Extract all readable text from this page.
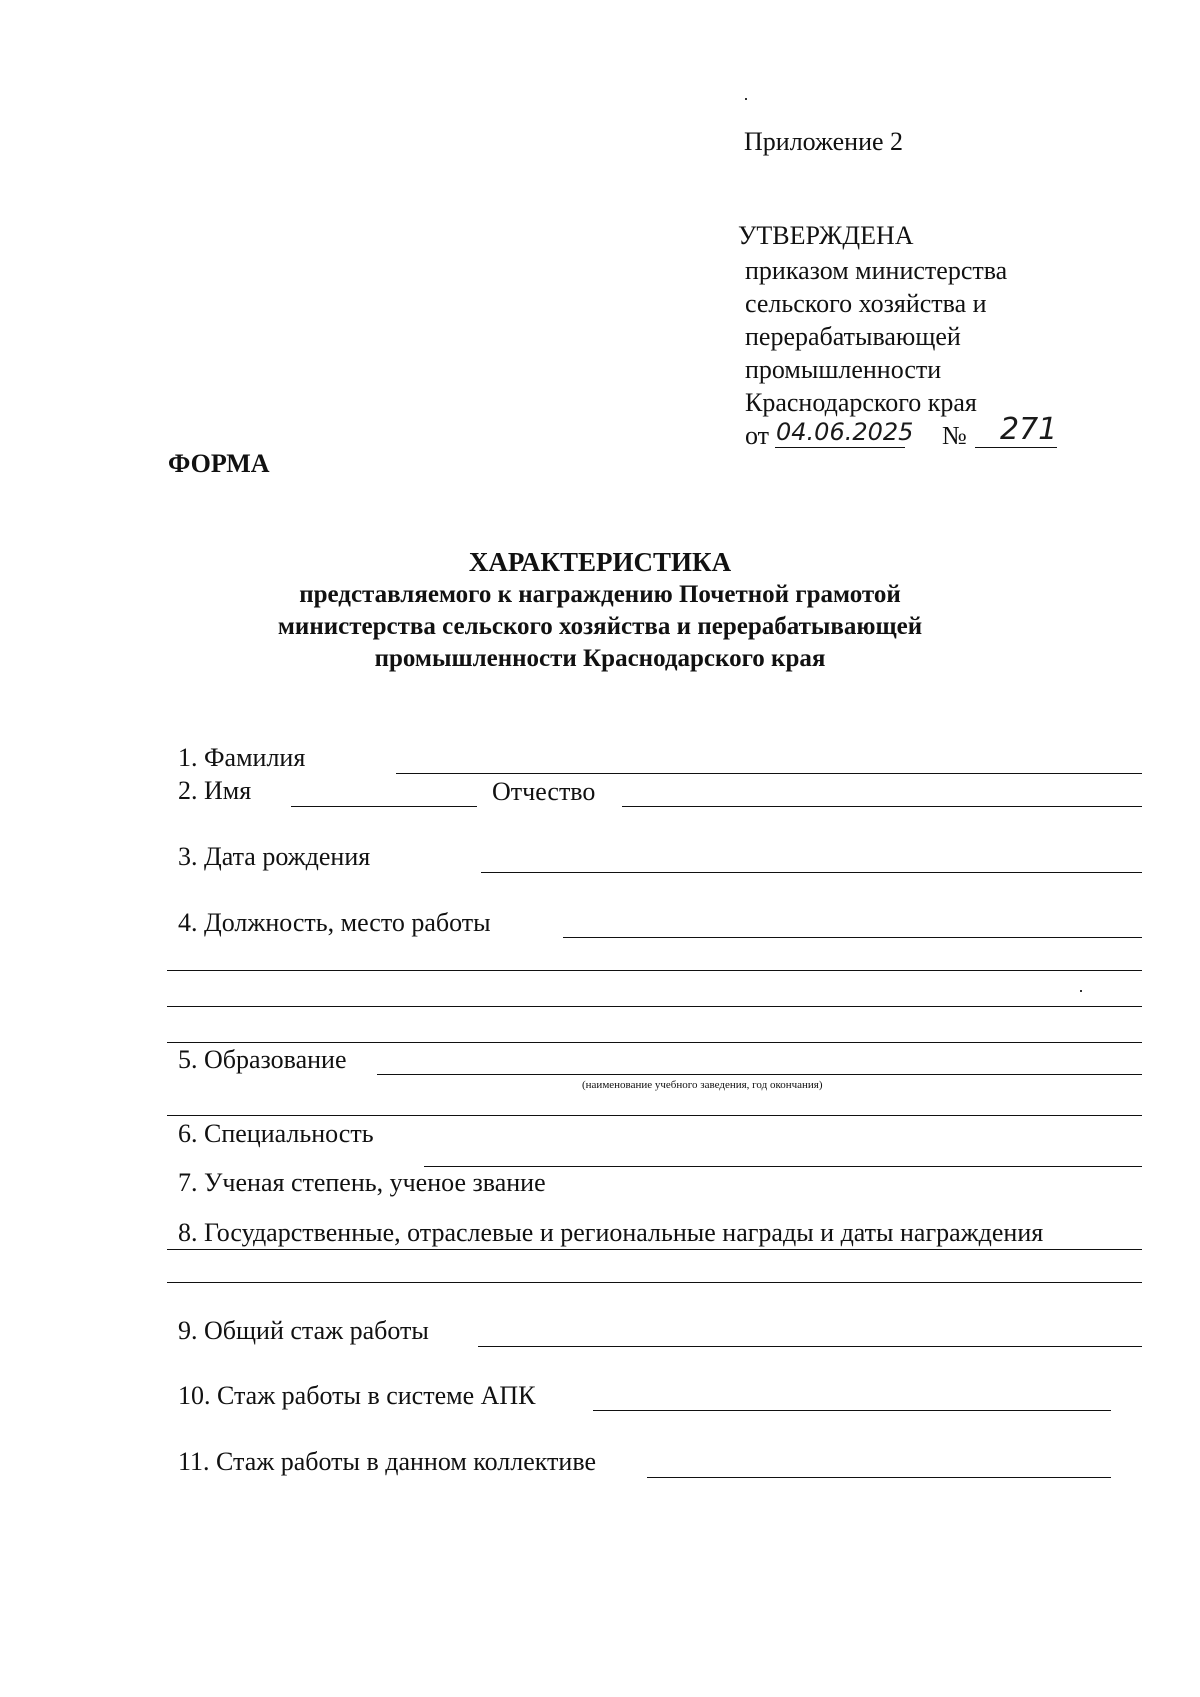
Приложение 2
УТВЕРЖДЕНА
приказом министерства
сельского хозяйства и
перерабатывающей
промышленности
Краснодарского края
от 04.06.2025 № 271
ФОРМА
ХАРАКТЕРИСТИКА
представляемого к награждению Почетной грамотой
министерства сельского хозяйства и перерабатывающей
промышленности Краснодарского края
1. Фамилия
2. Имя	Отчество
3. Дата рождения
4. Должность, место работы
5. Образование
(наименование учебного заведения, год окончания)
6. Специальность
7. Ученая степень, ученое звание
8. Государственные, отраслевые и региональные награды и даты награждения
9. Общий стаж работы
10. Стаж работы в системе АПК
11. Стаж работы в данном коллективе
